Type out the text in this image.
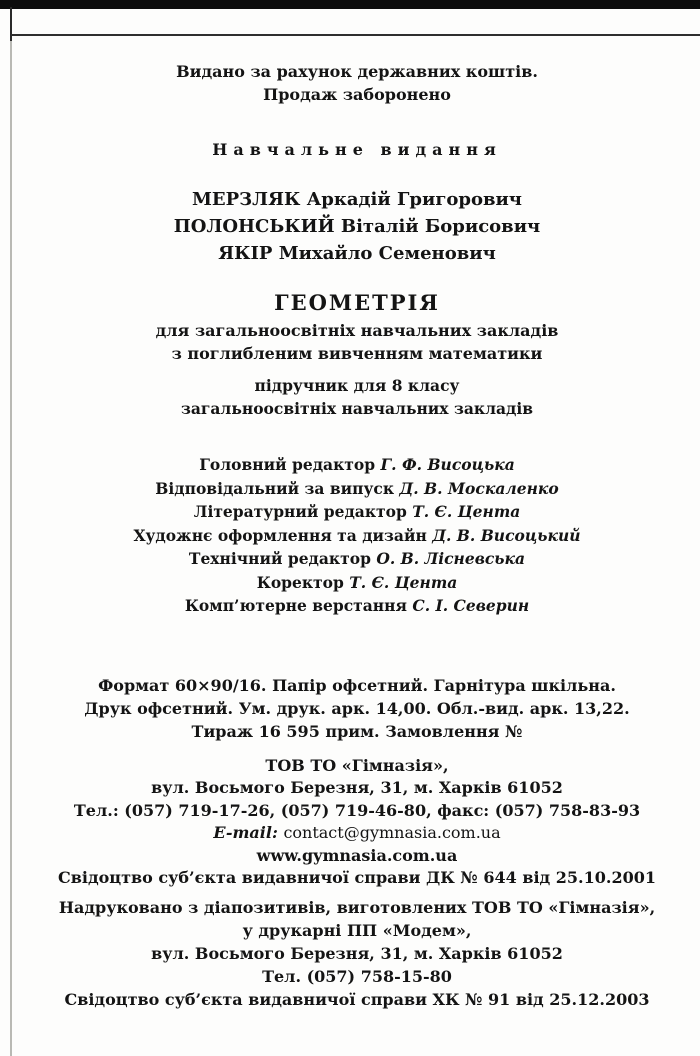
Видано за рахунок державних коштів.
Продаж заборонено
Навчальне видання
МЕРЗЛЯК Аркадій Григорович
ПОЛОНСЬКИЙ Віталій Борисович
ЯКІР Михайло Семенович
ГЕОМЕТРІЯ
для загальноосвітніх навчальних закладів
з поглибленим вивченням математики
підручник для 8 класу
загальноосвітніх навчальних закладів
Головний редактор Г. Ф. Висоцька
Відповідальний за випуск Д. В. Москаленко
Літературний редактор Т. Є. Цента
Художнє оформлення та дизайн Д. В. Висоцький
Технічний редактор О. В. Лісневська
Коректор Т. Є. Цента
Комп’ютерне верстання С. І. Северин
Формат 60×90/16. Папір офсетний. Гарнітура шкільна.
Друк офсетний. Ум. друк. арк. 14,00. Обл.-вид. арк. 13,22.
Тираж 16 595 прим. Замовлення №
ТОВ ТО «Гімназія»,
вул. Восьмого Березня, 31, м. Харків 61052
Тел.: (057) 719-17-26, (057) 719-46-80, факс: (057) 758-83-93
E-mail: contact@gymnasia.com.ua
www.gymnasia.com.ua
Свідоцтво суб’єкта видавничої справи ДК № 644 від 25.10.2001
Надруковано з діапозитивів, виготовлених ТОВ ТО «Гімназія»,
у друкарні ПП «Модем»,
вул. Восьмого Березня, 31, м. Харків 61052
Тел. (057) 758-15-80
Свідоцтво суб’єкта видавничої справи ХК № 91 від 25.12.2003
